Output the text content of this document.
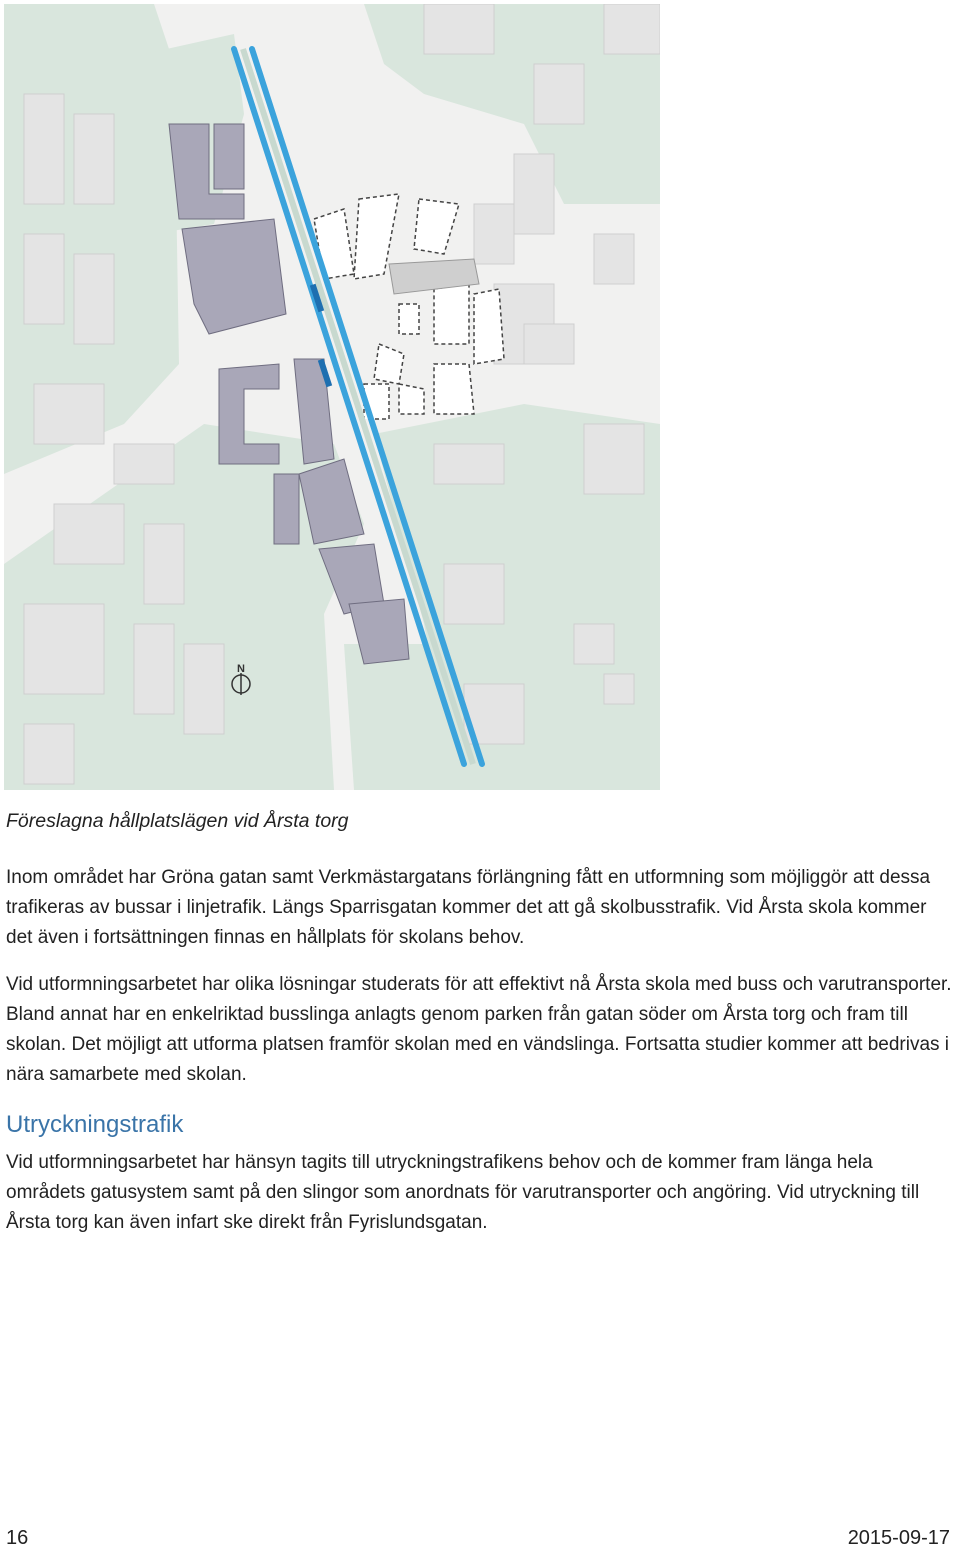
N
Föreslagna hållplatslägen vid Årsta torg
Inom området har Gröna gatan samt Verkmästargatans förlängning fått en utformning som möjliggör att dessa trafikeras av bussar i linjetrafik. Längs Sparrisgatan kommer det att gå skolbusstrafik. Vid Årsta skola kommer det även i fortsättningen finnas en hållplats för skolans behov.
Vid utformningsarbetet har olika lösningar studerats för att effektivt nå Årsta skola med buss och varutransporter. Bland annat har en enkelriktad busslinga anlagts genom parken från gatan söder om Årsta torg och fram till skolan. Det möjligt att utforma platsen framför skolan med en vändslinga. Fortsatta studier kommer att bedrivas i nära samarbete med skolan.
Utryckningstrafik
Vid utformningsarbetet har hänsyn tagits till utryckningstrafikens behov och de kommer fram länga hela områdets gatusystem samt på den slingor som anordnats för varutransporter och angöring. Vid utryckning till Årsta torg kan även infart ske direkt från Fyrislundsgatan.
16	2015-09-17
